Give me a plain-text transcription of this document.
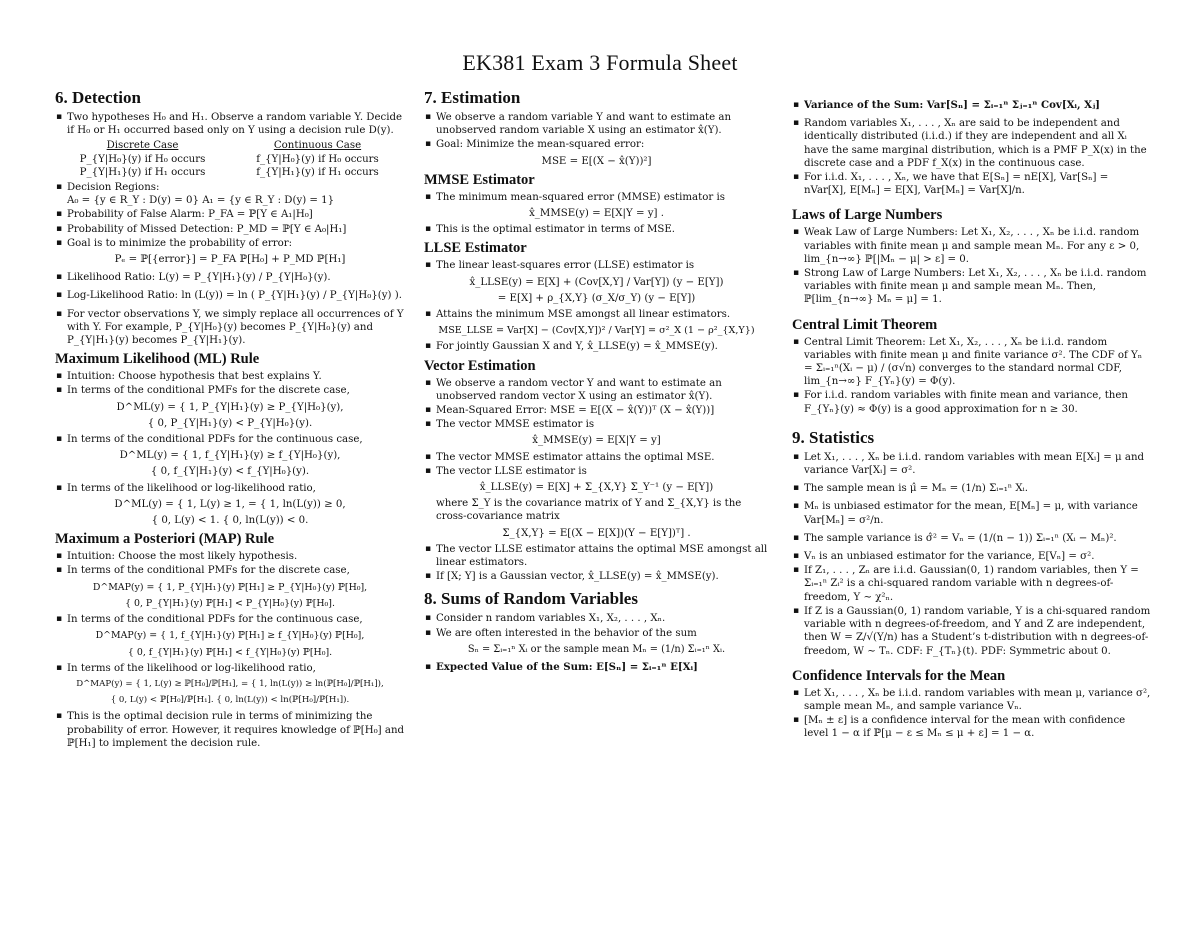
EK381 Exam 3 Formula Sheet
6. Detection
▪ Two hypotheses H₀ and H₁. Observe a random variable Y. Decide if H₀ or H₁ occurred based only on Y using a decision rule D(y).
Discrete Case	Continuous Case
P_{Y|H₀}(y) if H₀ occurs	f_{Y|H₀}(y) if H₀ occurs
P_{Y|H₁}(y) if H₁ occurs	f_{Y|H₁}(y) if H₁ occurs
▪ Decision Regions:
A₀ = {y ∈ R_Y : D(y) = 0} A₁ = {y ∈ R_Y : D(y) = 1}
▪ Probability of False Alarm: P_FA = ℙ[Y ∈ A₁|H₀]
▪ Probability of Missed Detection: P_MD = ℙ[Y ∈ A₀|H₁]
▪ Goal is to minimize the probability of error:
Pₑ = ℙ[{error}] = P_FA ℙ[H₀] + P_MD ℙ[H₁]
▪ Likelihood Ratio: L(y) = P_{Y|H₁}(y) / P_{Y|H₀}(y).
▪ Log-Likelihood Ratio: ln (L(y)) = ln ( P_{Y|H₁}(y) / P_{Y|H₀}(y) ).
▪ For vector observations Y, we simply replace all occurrences of Y with Y. For example, P_{Y|H₀}(y) becomes P_{Y|H₀}(y) and P_{Y|H₁}(y) becomes P_{Y|H₁}(y).
Maximum Likelihood (ML) Rule
▪ Intuition: Choose hypothesis that best explains Y.
▪ In terms of the conditional PMFs for the discrete case,
D^ML(y) = { 1, P_{Y|H₁}(y) ≥ P_{Y|H₀}(y),
{ 0, P_{Y|H₁}(y) < P_{Y|H₀}(y).
▪ In terms of the conditional PDFs for the continuous case,
D^ML(y) = { 1, f_{Y|H₁}(y) ≥ f_{Y|H₀}(y),
{ 0, f_{Y|H₁}(y) < f_{Y|H₀}(y).
▪ In terms of the likelihood or log-likelihood ratio,
D^ML(y) = { 1, L(y) ≥ 1, = { 1, ln(L(y)) ≥ 0,
{ 0, L(y) < 1. { 0, ln(L(y)) < 0.
Maximum a Posteriori (MAP) Rule
▪ Intuition: Choose the most likely hypothesis.
▪ In terms of the conditional PMFs for the discrete case,
D^MAP(y) = { 1, P_{Y|H₁}(y) ℙ[H₁] ≥ P_{Y|H₀}(y) ℙ[H₀],
{ 0, P_{Y|H₁}(y) ℙ[H₁] < P_{Y|H₀}(y) ℙ[H₀].
▪ In terms of the conditional PDFs for the continuous case,
D^MAP(y) = { 1, f_{Y|H₁}(y) ℙ[H₁] ≥ f_{Y|H₀}(y) ℙ[H₀],
{ 0, f_{Y|H₁}(y) ℙ[H₁] < f_{Y|H₀}(y) ℙ[H₀].
▪ In terms of the likelihood or log-likelihood ratio,
D^MAP(y) = { 1, L(y) ≥ ℙ[H₀]/ℙ[H₁], = { 1, ln(L(y)) ≥ ln(ℙ[H₀]/ℙ[H₁]),
{ 0, L(y) < ℙ[H₀]/ℙ[H₁]. { 0, ln(L(y)) < ln(ℙ[H₀]/ℙ[H₁]).
▪ This is the optimal decision rule in terms of minimizing the probability of error. However, it requires knowledge of ℙ[H₀] and ℙ[H₁] to implement the decision rule.
7. Estimation
▪ We observe a random variable Y and want to estimate an unobserved random variable X using an estimator x̂(Y).
▪ Goal: Minimize the mean-squared error:
MSE = E[(X − x̂(Y))²]
MMSE Estimator
▪ The minimum mean-squared error (MMSE) estimator is
x̂_MMSE(y) = E[X|Y = y] .
▪ This is the optimal estimator in terms of MSE.
LLSE Estimator
▪ The linear least-squares error (LLSE) estimator is
x̂_LLSE(y) = E[X] + (Cov[X,Y] / Var[Y]) (y − E[Y])
= E[X] + ρ_{X,Y} (σ_X/σ_Y) (y − E[Y])
▪ Attains the minimum MSE amongst all linear estimators.
MSE_LLSE = Var[X] − (Cov[X,Y])² / Var[Y] = σ²_X (1 − ρ²_{X,Y})
▪ For jointly Gaussian X and Y, x̂_LLSE(y) = x̂_MMSE(y).
Vector Estimation
▪ We observe a random vector Y and want to estimate an unobserved random vector X using an estimator x̂(Y).
▪ Mean-Squared Error: MSE = E[(X − x̂(Y))ᵀ (X − x̂(Y))]
▪ The vector MMSE estimator is
x̂_MMSE(y) = E[X|Y = y]
▪ The vector MMSE estimator attains the optimal MSE.
▪ The vector LLSE estimator is
x̂_LLSE(y) = E[X] + Σ_{X,Y} Σ_Y⁻¹ (y − E[Y])
where Σ_Y is the covariance matrix of Y and Σ_{X,Y} is the cross-covariance matrix
Σ_{X,Y} = E[(X − E[X])(Y − E[Y])ᵀ] .
▪ The vector LLSE estimator attains the optimal MSE amongst all linear estimators.
▪ If [X; Y] is a Gaussian vector, x̂_LLSE(y) = x̂_MMSE(y).
8. Sums of Random Variables
▪ Consider n random variables X₁, X₂, . . . , Xₙ.
▪ We are often interested in the behavior of the sum
Sₙ = Σᵢ₌₁ⁿ Xᵢ or the sample mean Mₙ = (1/n) Σᵢ₌₁ⁿ Xᵢ.
▪ Expected Value of the Sum: E[Sₙ] = Σᵢ₌₁ⁿ E[Xᵢ]
▪ Variance of the Sum: Var[Sₙ] = Σᵢ₌₁ⁿ Σⱼ₌₁ⁿ Cov[Xᵢ, Xⱼ]
▪ Random variables X₁, . . . , Xₙ are said to be independent and identically distributed (i.i.d.) if they are independent and all Xᵢ have the same marginal distribution, which is a PMF P_X(x) in the discrete case and a PDF f_X(x) in the continuous case.
▪ For i.i.d. X₁, . . . , Xₙ, we have that E[Sₙ] = nE[X], Var[Sₙ] = nVar[X], E[Mₙ] = E[X], Var[Mₙ] = Var[X]/n.
Laws of Large Numbers
▪ Weak Law of Large Numbers: Let X₁, X₂, . . . , Xₙ be i.i.d. random variables with finite mean μ and sample mean Mₙ. For any ε > 0, lim_{n→∞} ℙ[|Mₙ − μ| > ε] = 0.
▪ Strong Law of Large Numbers: Let X₁, X₂, . . . , Xₙ be i.i.d. random variables with finite mean μ and sample mean Mₙ. Then, ℙ[lim_{n→∞} Mₙ = μ] = 1.
Central Limit Theorem
▪ Central Limit Theorem: Let X₁, X₂, . . . , Xₙ be i.i.d. random variables with finite mean μ and finite variance σ². The CDF of Yₙ = Σᵢ₌₁ⁿ(Xᵢ − μ) / (σ√n) converges to the standard normal CDF, lim_{n→∞} F_{Yₙ}(y) = Φ(y).
▪ For i.i.d. random variables with finite mean and variance, then F_{Yₙ}(y) ≈ Φ(y) is a good approximation for n ≥ 30.
9. Statistics
▪ Let X₁, . . . , Xₙ be i.i.d. random variables with mean E[Xᵢ] = μ and variance Var[Xᵢ] = σ².
▪ The sample mean is μ̂ = Mₙ = (1/n) Σᵢ₌₁ⁿ Xᵢ.
▪ Mₙ is unbiased estimator for the mean, E[Mₙ] = μ, with variance Var[Mₙ] = σ²/n.
▪ The sample variance is σ̂² = Vₙ = (1/(n − 1)) Σᵢ₌₁ⁿ (Xᵢ − Mₙ)².
▪ Vₙ is an unbiased estimator for the variance, E[Vₙ] = σ².
▪ If Z₁, . . . , Zₙ are i.i.d. Gaussian(0, 1) random variables, then Y = Σᵢ₌₁ⁿ Zᵢ² is a chi-squared random variable with n degrees-of-freedom, Y ∼ χ²ₙ.
▪ If Z is a Gaussian(0, 1) random variable, Y is a chi-squared random variable with n degrees-of-freedom, and Y and Z are independent, then W = Z/√(Y/n) has a Student’s t-distribution with n degrees-of-freedom, W ∼ Tₙ. CDF: F_{Tₙ}(t). PDF: Symmetric about 0.
Confidence Intervals for the Mean
▪ Let X₁, . . . , Xₙ be i.i.d. random variables with mean μ, variance σ², sample mean Mₙ, and sample variance Vₙ.
▪ [Mₙ ± ε] is a confidence interval for the mean with confidence level 1 − α if ℙ[μ − ε ≤ Mₙ ≤ μ + ε] = 1 − α.
